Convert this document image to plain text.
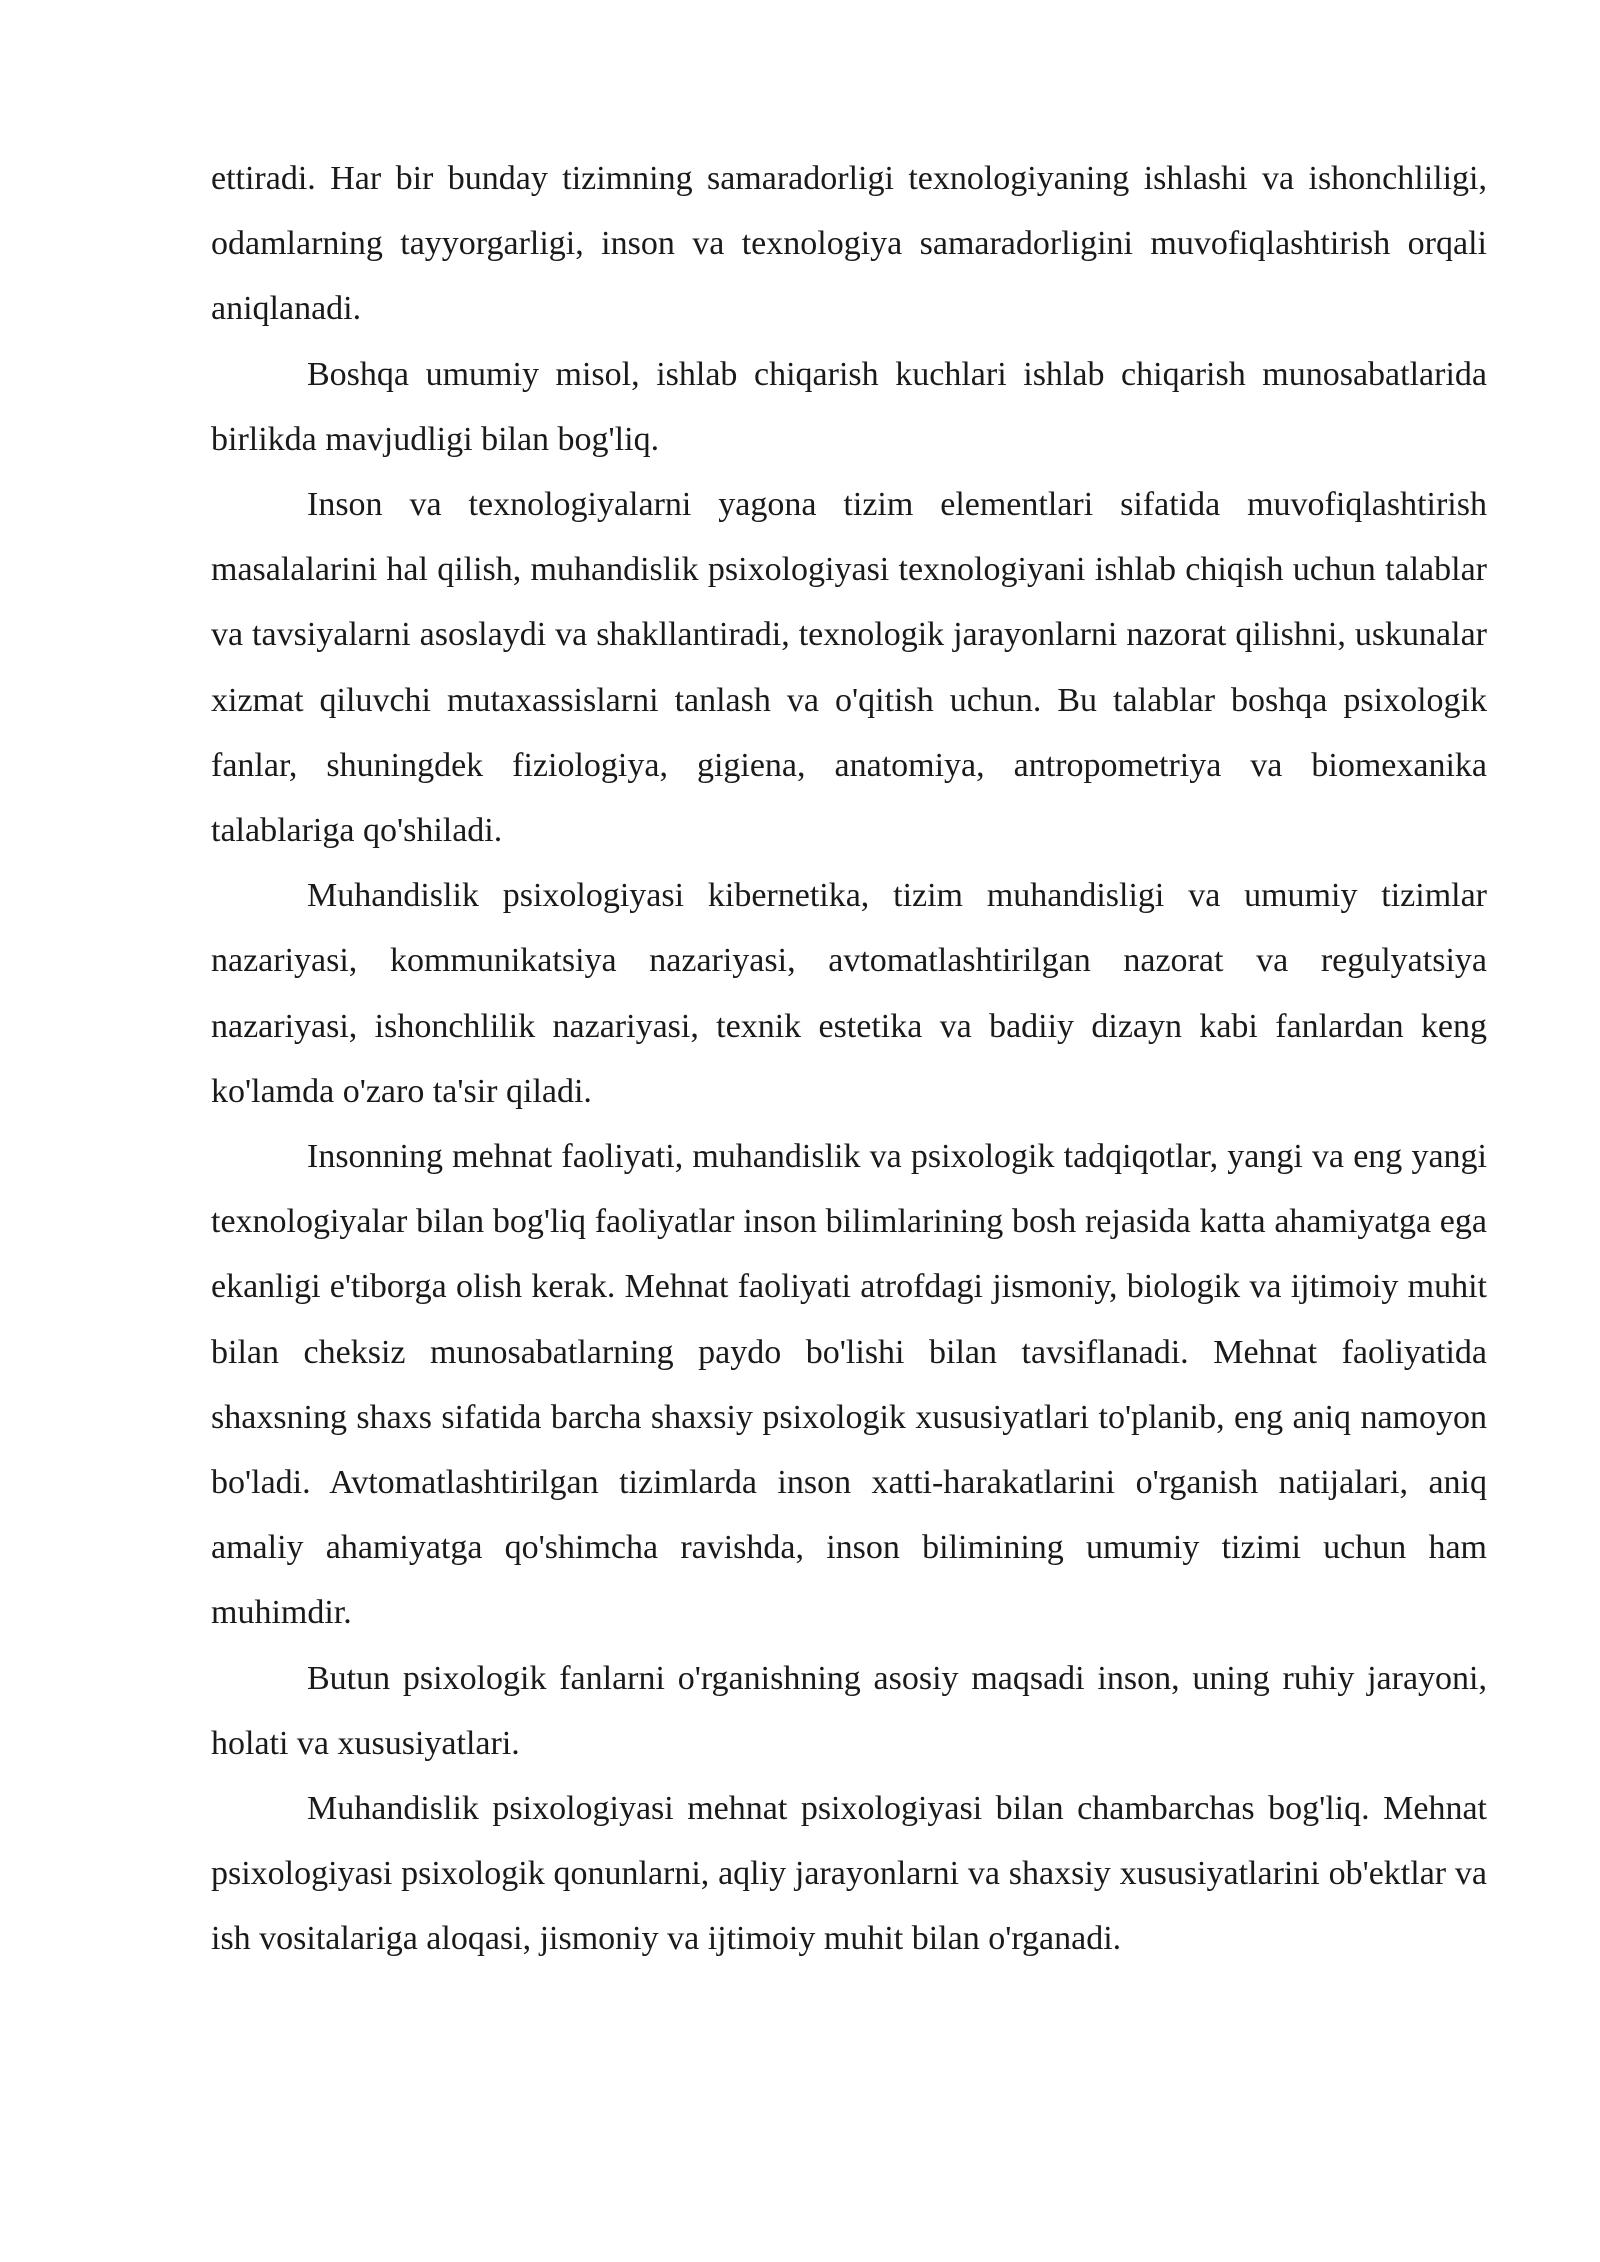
ettiradi. Har bir bunday tizimning samaradorligi texnologiyaning ishlashi va ishonchliligi, odamlarning tayyorgarligi, inson va texnologiya samaradorligini muvofiqlashtirish orqali aniqlanadi.

Boshqa umumiy misol, ishlab chiqarish kuchlari ishlab chiqarish munosabatlarida birlikda mavjudligi bilan bog'liq.

Inson va texnologiyalarni yagona tizim elementlari sifatida muvofiqlashtirish masalalarini hal qilish, muhandislik psixologiyasi texnologiyani ishlab chiqish uchun talablar va tavsiyalarni asoslaydi va shakllantiradi, texnologik jarayonlarni nazorat qilishni, uskunalar xizmat qiluvchi mutaxassislarni tanlash va o'qitish uchun. Bu talablar boshqa psixologik fanlar, shuningdek fiziologiya, gigiena, anatomiya, antropometriya va biomexanika talablariga qo'shiladi.

Muhandislik psixologiyasi kibernetika, tizim muhandisligi va umumiy tizimlar nazariyasi, kommunikatsiya nazariyasi, avtomatlashtirilgan nazorat va regulyatsiya nazariyasi, ishonchlilik nazariyasi, texnik estetika va badiiy dizayn kabi fanlardan keng ko'lamda o'zaro ta'sir qiladi.

Insonning mehnat faoliyati, muhandislik va psixologik tadqiqotlar, yangi va eng yangi texnologiyalar bilan bog'liq faoliyatlar inson bilimlarining bosh rejasida katta ahamiyatga ega ekanligi e'tiborga olish kerak. Mehnat faoliyati atrofdagi jismoniy, biologik va ijtimoiy muhit bilan cheksiz munosabatlarning paydo bo'lishi bilan tavsiflanadi. Mehnat faoliyatida shaxsning shaxs sifatida barcha shaxsiy psixologik xususiyatlari to'planib, eng aniq namoyon bo'ladi. Avtomatlashtirilgan tizimlarda inson xatti-harakatlarini o'rganish natijalari, aniq amaliy ahamiyatga qo'shimcha ravishda, inson bilimining umumiy tizimi uchun ham muhimdir.

Butun psixologik fanlarni o'rganishning asosiy maqsadi inson, uning ruhiy jarayoni, holati va xususiyatlari.

Muhandislik psixologiyasi mehnat psixologiyasi bilan chambarchas bog'liq. Mehnat psixologiyasi psixologik qonunlarni, aqliy jarayonlarni va shaxsiy xususiyatlarini ob'ektlar va ish vositalariga aloqasi, jismoniy va ijtimoiy muhit bilan o'rganadi.
